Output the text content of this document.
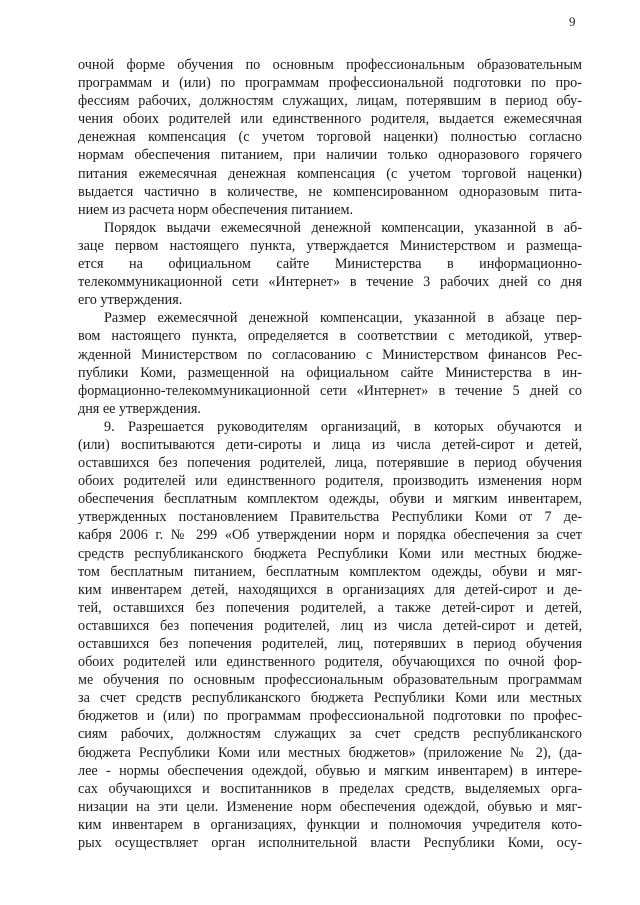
9
очной форме обучения по основным профессиональным образовательным
программам и (или) по программам профессиональной подготовки по про-
фессиям рабочих, должностям служащих, лицам, потерявшим в период обу-
чения обоих родителей или единственного родителя, выдается ежемесячная
денежная компенсация (с учетом торговой наценки) полностью согласно
нормам обеспечения питанием, при наличии только одноразового горячего
питания ежемесячная денежная компенсация (с учетом торговой наценки)
выдается частично в количестве, не компенсированном одноразовым пита-
нием из расчета норм обеспечения питанием.
Порядок выдачи ежемесячной денежной компенсации, указанной в аб-
заце первом настоящего пункта, утверждается Министерством и размеща-
ется на официальном сайте Министерства в информационно-
телекоммуникационной сети «Интернет» в течение 3 рабочих дней со дня
его утверждения.
Размер ежемесячной денежной компенсации, указанной в абзаце пер-
вом настоящего пункта, определяется в соответствии с методикой, утвер-
жденной Министерством по согласованию с Министерством финансов Рес-
публики Коми, размещенной на официальном сайте Министерства в ин-
формационно-телекоммуникационной сети «Интернет» в течение 5 дней со
дня ее утверждения.
9. Разрешается руководителям организаций, в которых обучаются и
(или) воспитываются дети-сироты и лица из числа детей-сирот и детей,
оставшихся без попечения родителей, лица, потерявшие в период обучения
обоих родителей или единственного родителя, производить изменения норм
обеспечения бесплатным комплектом одежды, обуви и мягким инвентарем,
утвержденных постановлением Правительства Республики Коми от 7 де-
кабря 2006 г. № 299 «Об утверждении норм и порядка обеспечения за счет
средств республиканского бюджета Республики Коми или местных бюдже-
том бесплатным питанием, бесплатным комплектом одежды, обуви и мяг-
ким инвентарем детей, находящихся в организациях для детей-сирот и де-
тей, оставшихся без попечения родителей, а также детей-сирот и детей,
оставшихся без попечения родителей, лиц из числа детей-сирот и детей,
оставшихся без попечения родителей, лиц, потерявших в период обучения
обоих родителей или единственного родителя, обучающихся по очной фор-
ме обучения по основным профессиональным образовательным программам
за счет средств республиканского бюджета Республики Коми или местных
бюджетов и (или) по программам профессиональной подготовки по профес-
сиям рабочих, должностям служащих за счет средств республиканского
бюджета Республики Коми или местных бюджетов» (приложение № 2), (да-
лее - нормы обеспечения одеждой, обувью и мягким инвентарем) в интере-
сах обучающихся и воспитанников в пределах средств, выделяемых орга-
низации на эти цели. Изменение норм обеспечения одеждой, обувью и мяг-
ким инвентарем в организациях, функции и полномочия учредителя кото-
рых осуществляет орган исполнительной власти Республики Коми, осу-
